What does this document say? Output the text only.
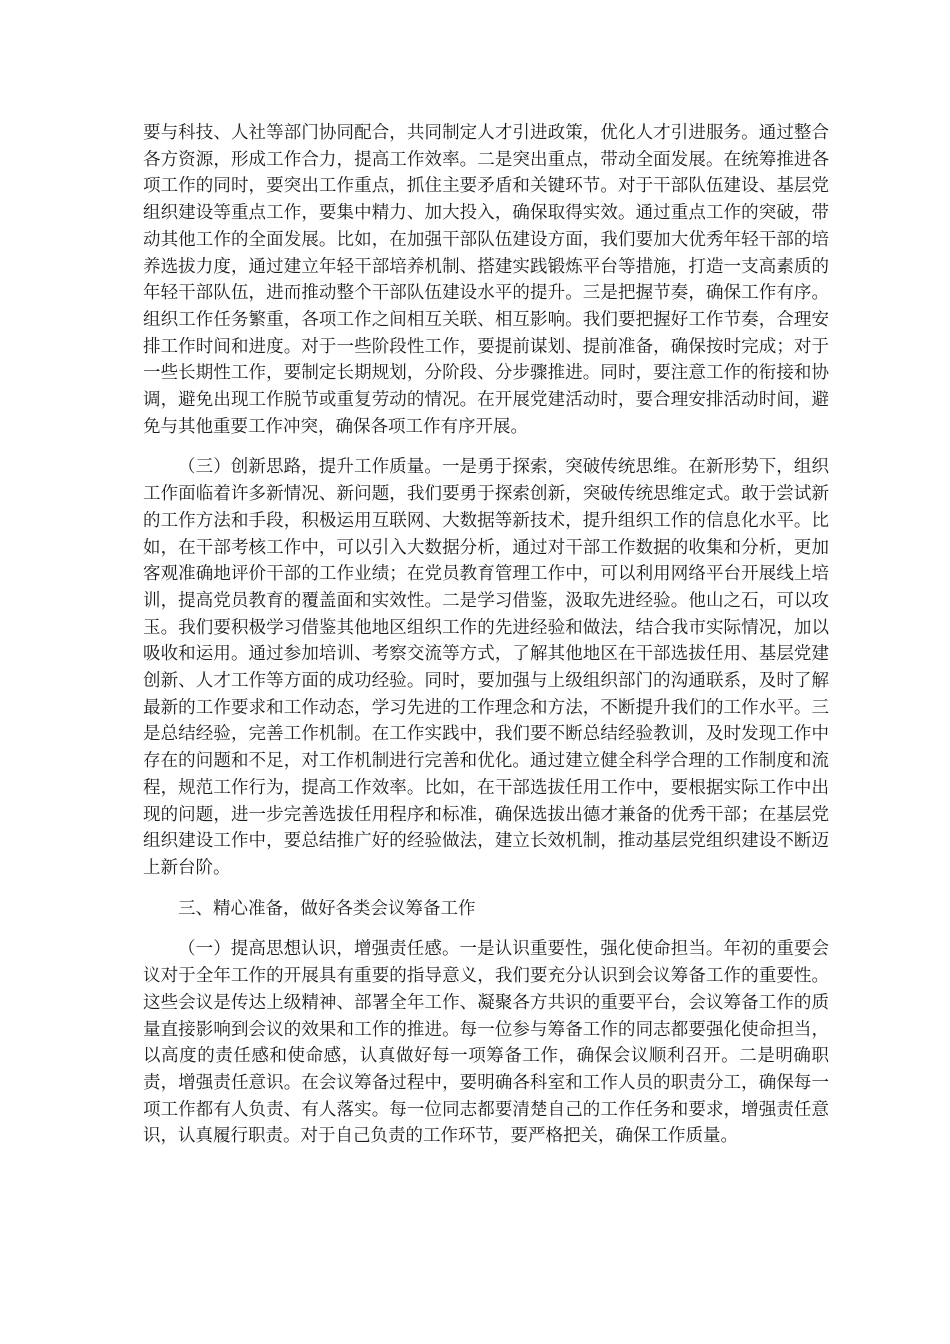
要与科技、人社等部门协同配合，共同制定人才引进政策，优化人才引进服务。通过整合各方资源，形成工作合力，提高工作效率。二是突出重点，带动全面发展。在统筹推进各项工作的同时，要突出工作重点，抓住主要矛盾和关键环节。对于干部队伍建设、基层党组织建设等重点工作，要集中精力、加大投入，确保取得实效。通过重点工作的突破，带动其他工作的全面发展。比如，在加强干部队伍建设方面，我们要加大优秀年轻干部的培养选拔力度，通过建立年轻干部培养机制、搭建实践锻炼平台等措施，打造一支高素质的年轻干部队伍，进而推动整个干部队伍建设水平的提升。三是把握节奏，确保工作有序。组织工作任务繁重，各项工作之间相互关联、相互影响。我们要把握好工作节奏，合理安排工作时间和进度。对于一些阶段性工作，要提前谋划、提前准备，确保按时完成；对于一些长期性工作，要制定长期规划，分阶段、分步骤推进。同时，要注意工作的衔接和协调，避免出现工作脱节或重复劳动的情况。在开展党建活动时，要合理安排活动时间，避免与其他重要工作冲突，确保各项工作有序开展。

（三）创新思路，提升工作质量。一是勇于探索，突破传统思维。在新形势下，组织工作面临着许多新情况、新问题，我们要勇于探索创新，突破传统思维定式。敢于尝试新的工作方法和手段，积极运用互联网、大数据等新技术，提升组织工作的信息化水平。比如，在干部考核工作中，可以引入大数据分析，通过对干部工作数据的收集和分析，更加客观准确地评价干部的工作业绩；在党员教育管理工作中，可以利用网络平台开展线上培训，提高党员教育的覆盖面和实效性。二是学习借鉴，汲取先进经验。他山之石，可以攻玉。我们要积极学习借鉴其他地区组织工作的先进经验和做法，结合我市实际情况，加以吸收和运用。通过参加培训、考察交流等方式，了解其他地区在干部选拔任用、基层党建创新、人才工作等方面的成功经验。同时，要加强与上级组织部门的沟通联系，及时了解最新的工作要求和工作动态，学习先进的工作理念和方法，不断提升我们的工作水平。三是总结经验，完善工作机制。在工作实践中，我们要不断总结经验教训，及时发现工作中存在的问题和不足，对工作机制进行完善和优化。通过建立健全科学合理的工作制度和流程，规范工作行为，提高工作效率。比如，在干部选拔任用工作中，要根据实际工作中出现的问题，进一步完善选拔任用程序和标准，确保选拔出德才兼备的优秀干部；在基层党组织建设工作中，要总结推广好的经验做法，建立长效机制，推动基层党组织建设不断迈上新台阶。

三、精心准备，做好各类会议筹备工作

（一）提高思想认识，增强责任感。一是认识重要性，强化使命担当。年初的重要会议对于全年工作的开展具有重要的指导意义，我们要充分认识到会议筹备工作的重要性。这些会议是传达上级精神、部署全年工作、凝聚各方共识的重要平台，会议筹备工作的质量直接影响到会议的效果和工作的推进。每一位参与筹备工作的同志都要强化使命担当，以高度的责任感和使命感，认真做好每一项筹备工作，确保会议顺利召开。二是明确职责，增强责任意识。在会议筹备过程中，要明确各科室和工作人员的职责分工，确保每一项工作都有人负责、有人落实。每一位同志都要清楚自己的工作任务和要求，增强责任意识，认真履行职责。对于自己负责的工作环节，要严格把关，确保工作质量。
